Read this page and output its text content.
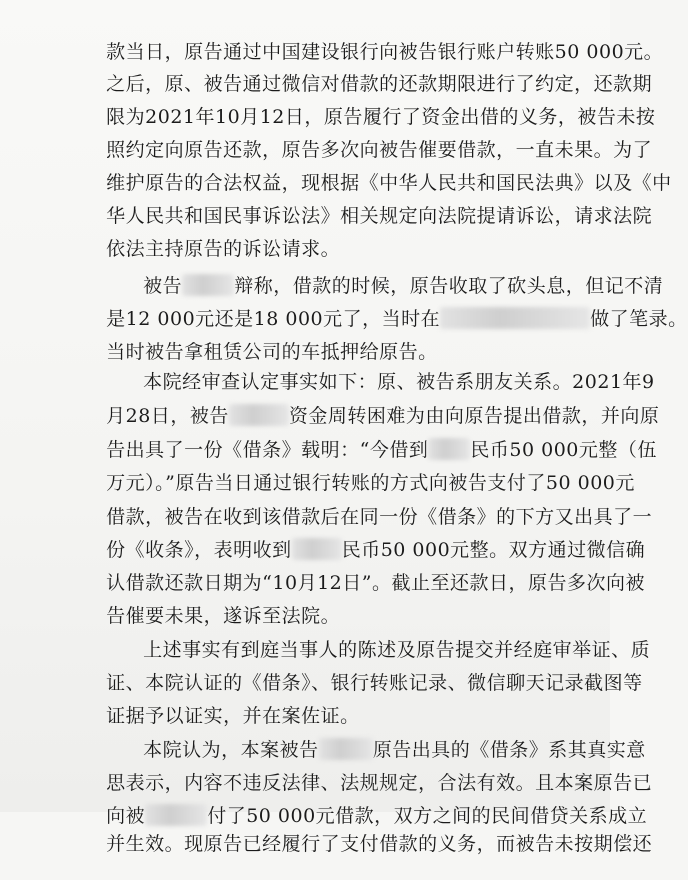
款当日，原告通过中国建设银行向被告银行账户转账50 000元。

之后，原、被告通过微信对借款的还款期限进行了约定，还款期

限为2021年10月12日，原告履行了资金出借的义务，被告未按

照约定向原告还款，原告多次向被告催要借款，一直未果。为了

维护原告的合法权益，现根据《中华人民共和国民法典》以及《中

华人民共和国民事诉讼法》相关规定向法院提请诉讼，请求法院

依法主持原告的诉讼请求。

被告	辩称，借款的时候，原告收取了砍头息，但记不清

是12 000元还是18 000元了，当时在	做了笔录。

当时被告拿租赁公司的车抵押给原告。

本院经审查认定事实如下：原、被告系朋友关系。2021年9

月28日，被告	资金周转困难为由向原告提出借款，并向原

告出具了一份《借条》载明：“今借到 民币50 000元整（伍

万元）。”原告当日通过银行转账的方式向被告支付了50 000元

借款，被告在收到该借款后在同一份《借条》的下方又出具了一

份《收条》，表明收到	民币50 000元整。双方通过微信确

认借款还款日期为“10月12日”。截止至还款日，原告多次向被

告催要未果，遂诉至法院。

上述事实有到庭当事人的陈述及原告提交并经庭审举证、质

证、本院认证的《借条》、银行转账记录、微信聊天记录截图等

证据予以证实，并在案佐证。

本院认为，本案被告	原告出具的《借条》系其真实意

思表示，内容不违反法律、法规规定，合法有效。且本案原告已

向被	付了50 000元借款，双方之间的民间借贷关系成立

并生效。现原告已经履行了支付借款的义务，而被告未按期偿还
